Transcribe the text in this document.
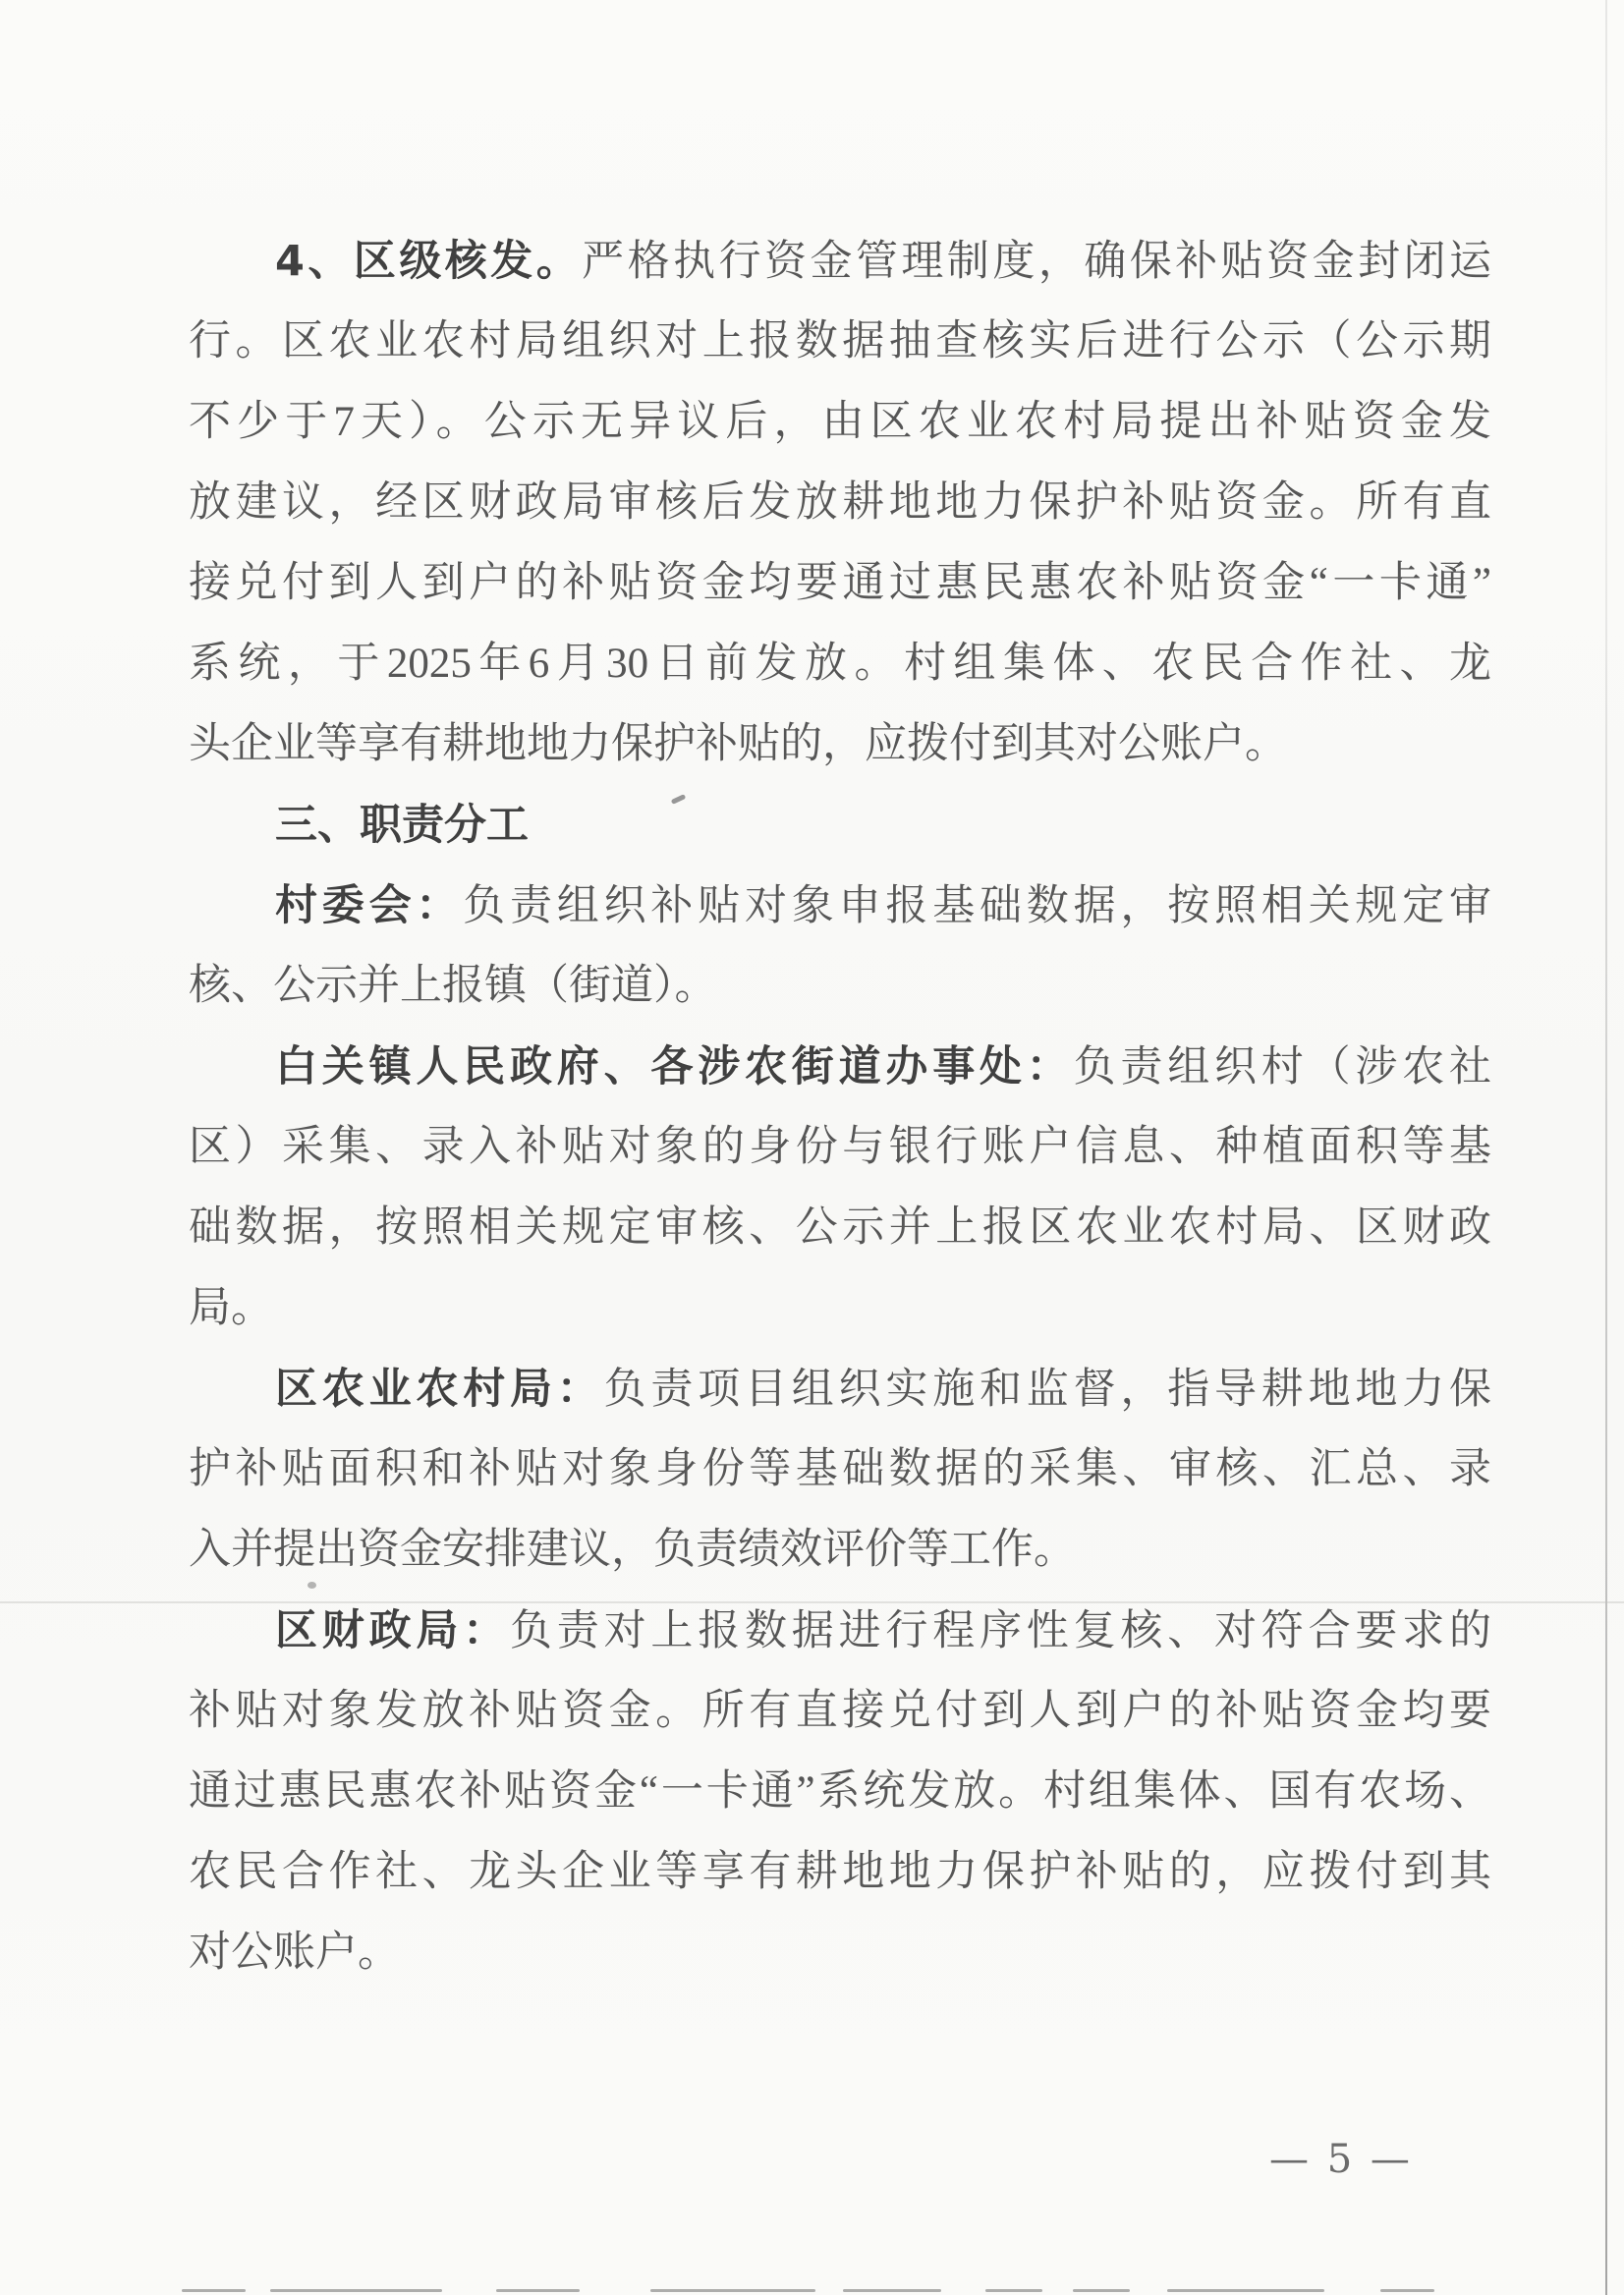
4、区级核发。严格执行资金管理制度，确保补贴资金封闭运
行。区农业农村局组织对上报数据抽查核实后进行公示（公示期
不少于7天）。公示无异议后，由区农业农村局提出补贴资金发
放建议，经区财政局审核后发放耕地地力保护补贴资金。所有直
接兑付到人到户的补贴资金均要通过惠民惠农补贴资金“一卡通”
系统，于2025年6月30日前发放。村组集体、农民合作社、龙
头企业等享有耕地地力保护补贴的，应拨付到其对公账户。
三、职责分工
村委会：负责组织补贴对象申报基础数据，按照相关规定审
核、公示并上报镇（街道）。
白关镇人民政府、各涉农街道办事处：负责组织村（涉农社
区）采集、录入补贴对象的身份与银行账户信息、种植面积等基
础数据，按照相关规定审核、公示并上报区农业农村局、区财政
局。
区农业农村局：负责项目组织实施和监督，指导耕地地力保
护补贴面积和补贴对象身份等基础数据的采集、审核、汇总、录
入并提出资金安排建议，负责绩效评价等工作。
区财政局：负责对上报数据进行程序性复核、对符合要求的
补贴对象发放补贴资金。所有直接兑付到人到户的补贴资金均要
通过惠民惠农补贴资金“一卡通”系统发放。村组集体、国有农场、
农民合作社、龙头企业等享有耕地地力保护补贴的，应拨付到其
对公账户。
— 5 —
